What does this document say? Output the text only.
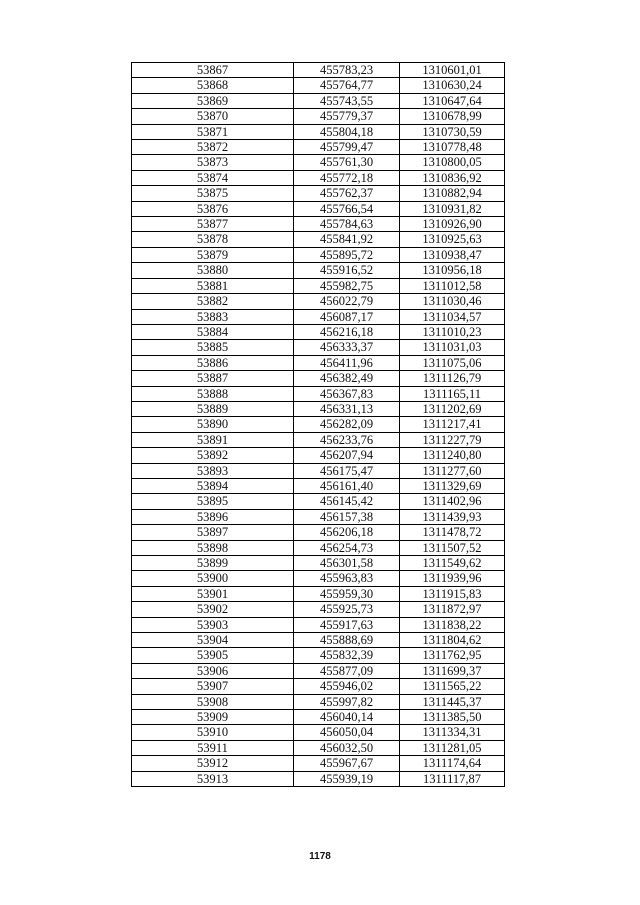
53867	455783,23	1310601,01
53868	455764,77	1310630,24
53869	455743,55	1310647,64
53870	455779,37	1310678,99
53871	455804,18	1310730,59
53872	455799,47	1310778,48
53873	455761,30	1310800,05
53874	455772,18	1310836,92
53875	455762,37	1310882,94
53876	455766,54	1310931,82
53877	455784,63	1310926,90
53878	455841,92	1310925,63
53879	455895,72	1310938,47
53880	455916,52	1310956,18
53881	455982,75	1311012,58
53882	456022,79	1311030,46
53883	456087,17	1311034,57
53884	456216,18	1311010,23
53885	456333,37	1311031,03
53886	456411,96	1311075,06
53887	456382,49	1311126,79
53888	456367,83	1311165,11
53889	456331,13	1311202,69
53890	456282,09	1311217,41
53891	456233,76	1311227,79
53892	456207,94	1311240,80
53893	456175,47	1311277,60
53894	456161,40	1311329,69
53895	456145,42	1311402,96
53896	456157,38	1311439,93
53897	456206,18	1311478,72
53898	456254,73	1311507,52
53899	456301,58	1311549,62
53900	455963,83	1311939,96
53901	455959,30	1311915,83
53902	455925,73	1311872,97
53903	455917,63	1311838,22
53904	455888,69	1311804,62
53905	455832,39	1311762,95
53906	455877,09	1311699,37
53907	455946,02	1311565,22
53908	455997,82	1311445,37
53909	456040,14	1311385,50
53910	456050,04	1311334,31
53911	456032,50	1311281,05
53912	455967,67	1311174,64
53913	455939,19	1311117,87
1178
